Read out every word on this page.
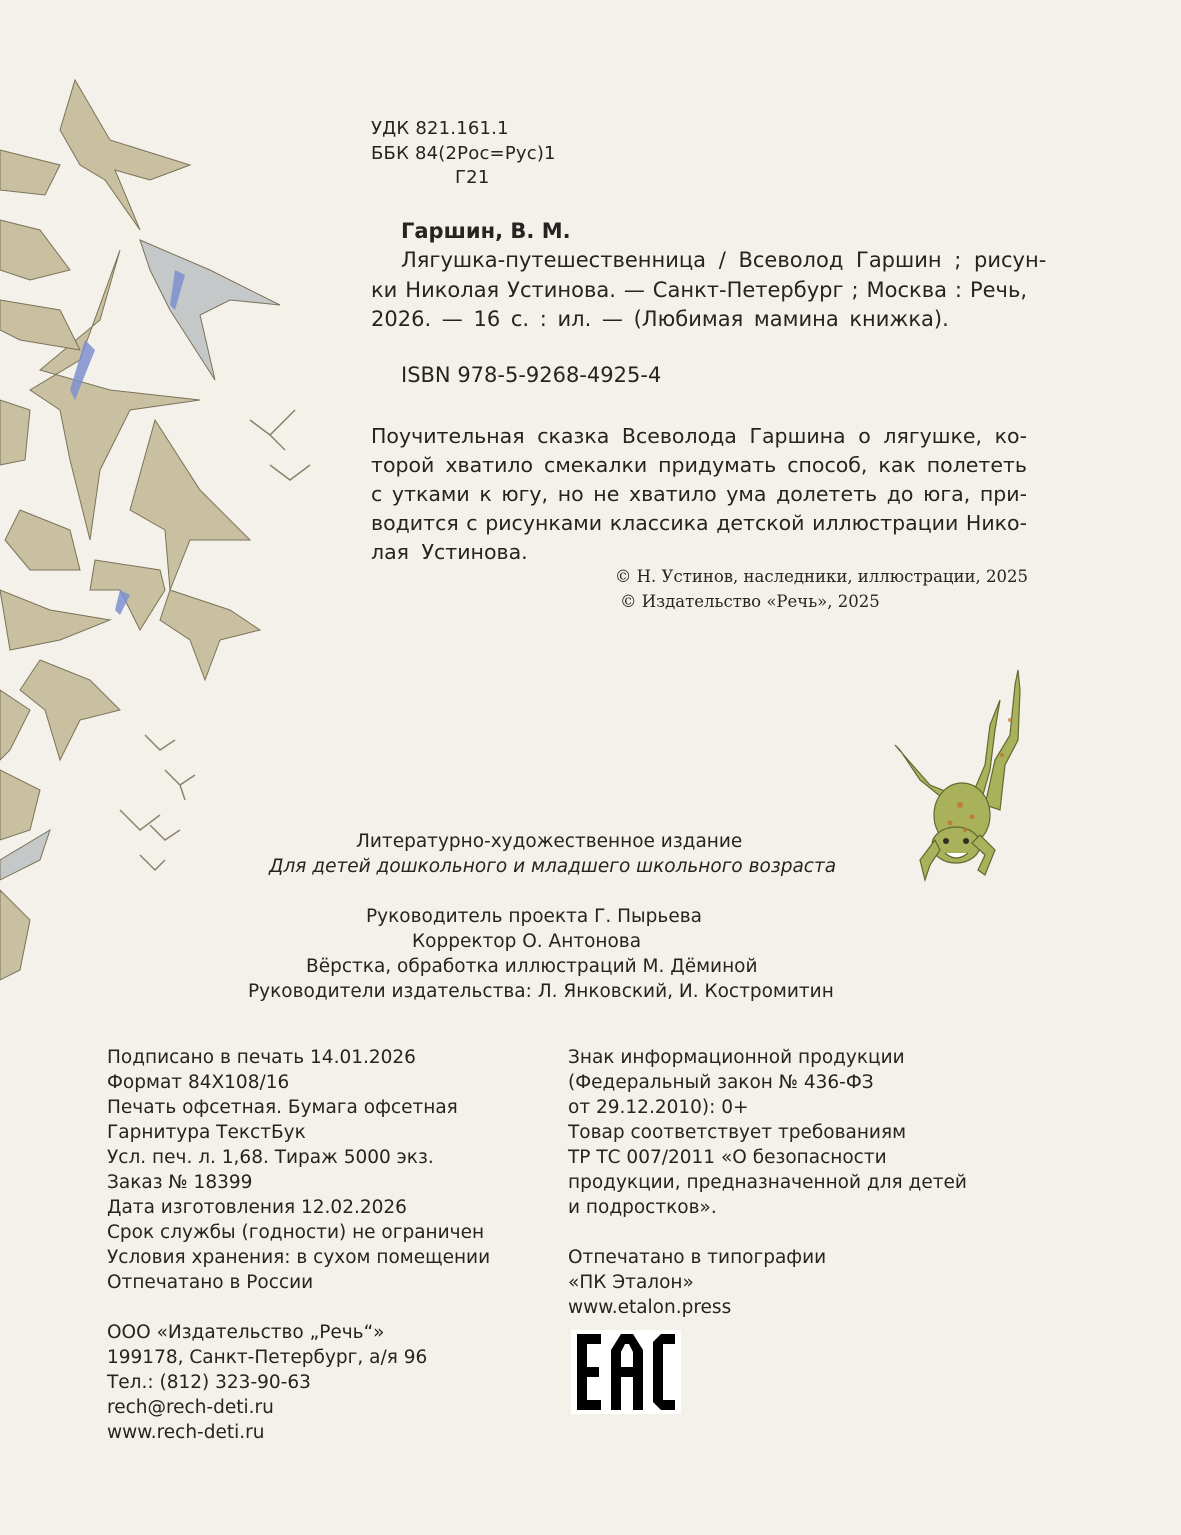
УДК 821.161.1
ББК 84(2Рос=Рус)1
Г21
Гаршин, В. М.
Лягушка-путешественница / Всеволод Гаршин ; рисун-
ки Николая Устинова. — Санкт-Петербург ; Москва : Речь,
2026. — 16 с. : ил. — (Любимая мамина книжка).
ISBN 978-5-9268-4925-4
Поучительная сказка Всеволода Гаршина о лягушке, ко-
торой хватило смекалки придумать способ, как полететь
с утками к югу, но не хватило ума долететь до юга, при-
водится с рисунками классика детской иллюстрации Нико-
лая Устинова.
© Н. Устинов, наследники, иллюстрации, 2025
© Издательство «Речь», 2025
Литературно-художественное издание
Для детей дошкольного и младшего школьного возраста
Руководитель проекта Г. Пырьева
Корректор О. Антонова
Вёрстка, обработка иллюстраций М. Дёминой
Руководители издательства: Л. Янковский, И. Костромитин
Подписано в печать 14.01.2026
Формат 84Х108/16
Печать офсетная. Бумага офсетная
Гарнитура ТекстБук
Усл. печ. л. 1,68. Тираж 5000 экз.
Заказ № 18399
Дата изготовления 12.02.2026
Срок службы (годности) не ограничен
Условия хранения: в сухом помещении
Отпечатано в России
ООО «Издательство „Речь“»
199178, Санкт-Петербург, а/я 96
Тел.: (812) 323-90-63
rech@rech-deti.ru
www.rech-deti.ru
Знак информационной продукции
(Федеральный закон № 436-ФЗ
от 29.12.2010): 0+
Товар соответствует требованиям
ТР ТС 007/2011 «О безопасности
продукции, предназначенной для детей
и подростков».
Отпечатано в типографии
«ПК Эталон»
www.etalon.press
